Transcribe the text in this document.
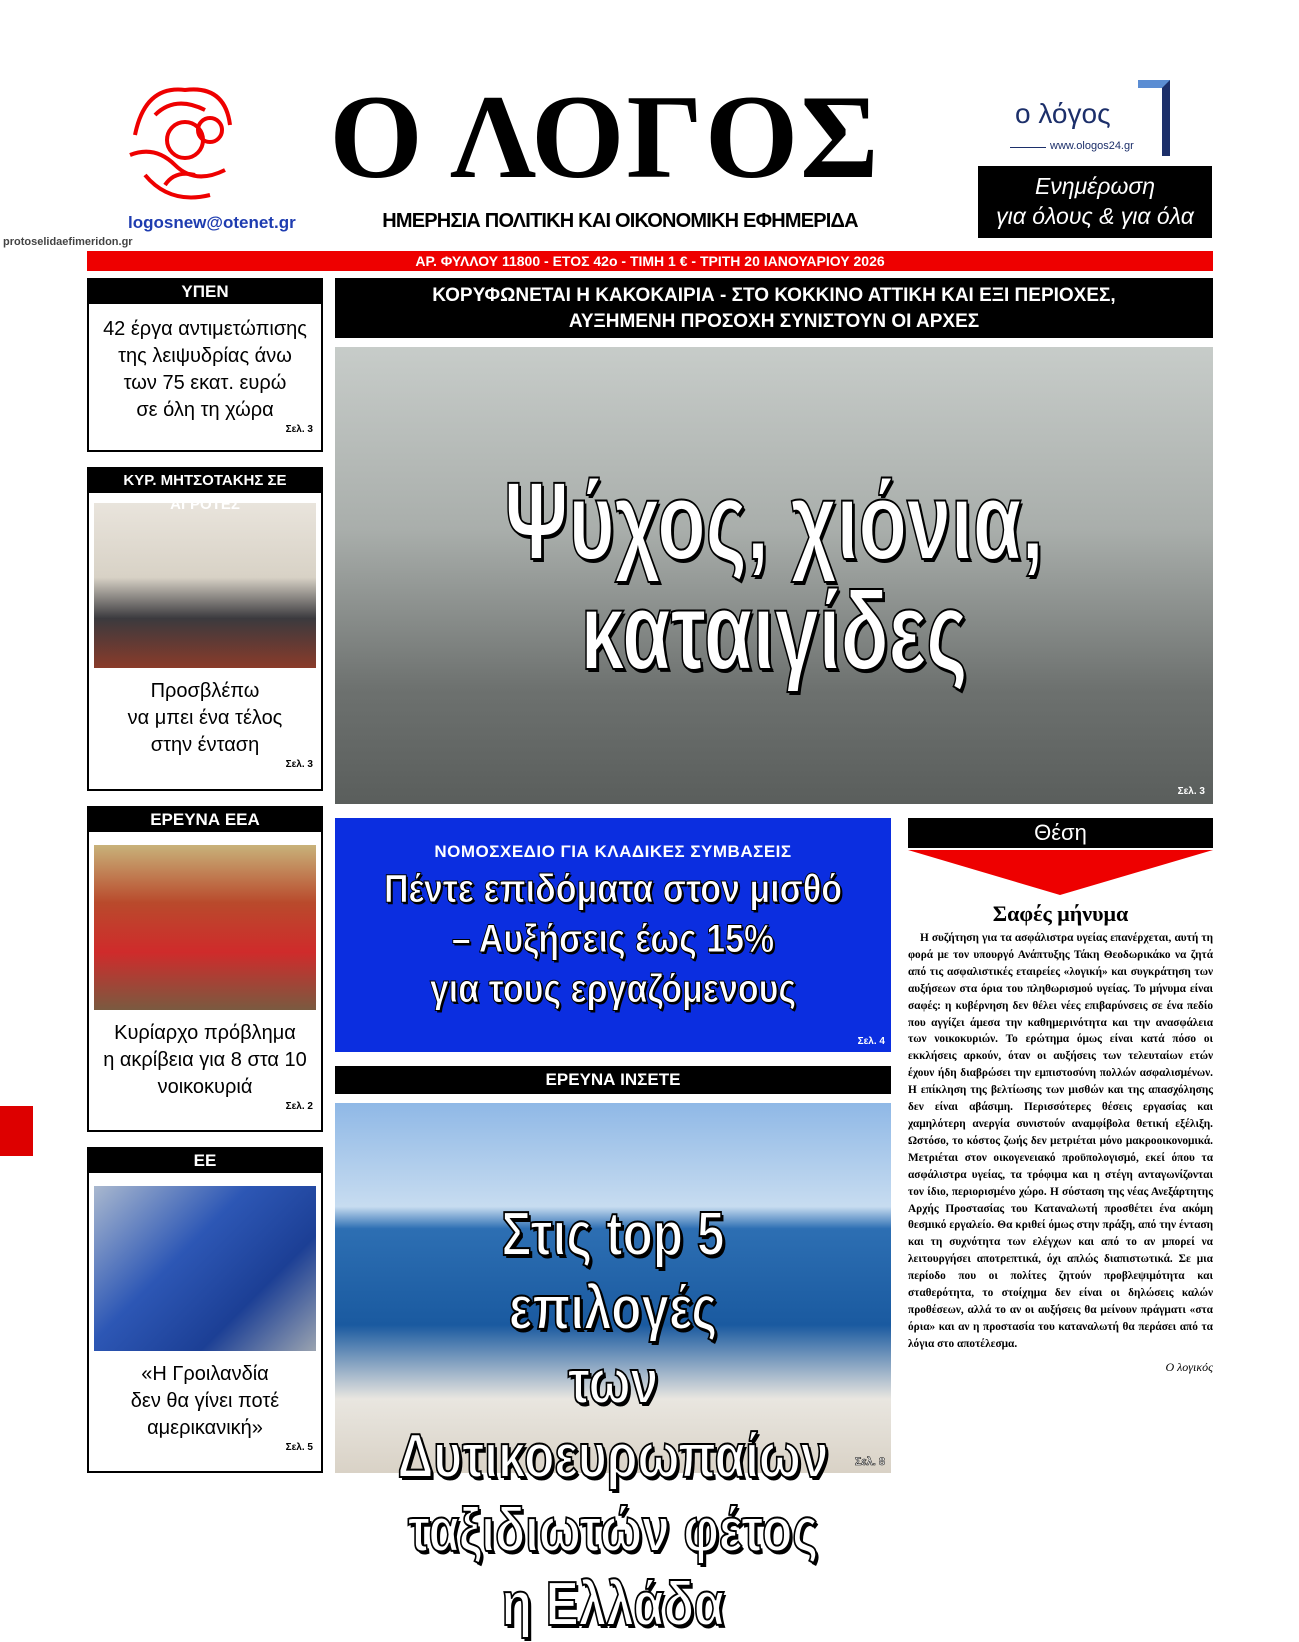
logosnew@otenet.gr
protoselidaefimeridon.gr
Ο ΛΟΓΟΣ
ΗΜΕΡΗΣΙΑ ΠΟΛΙΤΙΚΗ ΚΑΙ ΟΙΚΟΝΟΜΙΚΗ ΕΦΗΜΕΡΙΔΑ
ο λόγος
www.ologos24.gr
Ενημέρωση
για όλους & για όλα
ΑΡ. ΦΥΛΛΟΥ 11800 - ΕΤΟΣ 42ο - ΤΙΜΗ 1 € - ΤΡΙΤΗ 20 ΙΑΝΟΥΑΡΙΟΥ 2026
ΥΠΕΝ
42 έργα αντιμετώπισης
της λειψυδρίας άνω
των 75 εκατ. ευρώ
σε όλη τη χώρα
Σελ. 3
ΚΥΡ. ΜΗΤΣΟΤΑΚΗΣ ΣΕ ΑΓΡΟΤΕΣ
Προσβλέπω
να μπει ένα τέλος
στην ένταση
Σελ. 3
ΕΡΕΥΝΑ ΕΕΑ
Κυρίαρχο πρόβλημα
η ακρίβεια για 8 στα 10
νοικοκυριά
Σελ. 2
ΕΕ
«Η Γροιλανδία
δεν θα γίνει ποτέ
αμερικανική»
Σελ. 5
ΚΟΡΥΦΩΝΕΤΑΙ Η ΚΑΚΟΚΑΙΡΙΑ - ΣΤΟ ΚΟΚΚΙΝΟ ΑΤΤΙΚΗ ΚΑΙ ΕΞΙ ΠΕΡΙΟΧΕΣ,
ΑΥΞΗΜΕΝΗ ΠΡΟΣΟΧΗ ΣΥΝΙΣΤΟΥΝ ΟΙ ΑΡΧΕΣ
Ψύχος, χιόνια,
καταιγίδες
Σελ. 3
ΝΟΜΟΣΧΕΔΙΟ ΓΙΑ ΚΛΑΔΙΚΕΣ ΣΥΜΒΑΣΕΙΣ
Πέντε επιδόματα στον μισθό
– Αυξήσεις έως 15%
για τους εργαζόμενους
Σελ. 4
ΕΡΕΥΝΑ ΙΝΣΕΤΕ
Στις top 5 επιλογές
των Δυτικοευρωπαίων
ταξιδιωτών φέτος η Ελλάδα
Σελ. 8
Θέση
Σαφές μήνυμα
Η συζήτηση για τα ασφάλιστρα υγείας επανέρχεται, αυτή τη φορά με τον υπουργό Ανάπτυξης Τάκη Θεοδωρικάκο να ζητά από τις ασφαλιστικές εταιρείες «λογική» και συγκράτηση των αυξήσεων στα όρια του πληθωρισμού υγείας. Το μήνυμα είναι σαφές: η κυβέρνηση δεν θέλει νέες επιβαρύνσεις σε ένα πεδίο που αγγίζει άμεσα την καθημερινότητα και την ανασφάλεια των νοικοκυριών. Το ερώτημα όμως είναι κατά πόσο οι εκκλήσεις αρκούν, όταν οι αυξήσεις των τελευταίων ετών έχουν ήδη διαβρώσει την εμπιστοσύνη πολλών ασφαλισμένων. Η επίκληση της βελτίωσης των μισθών και της απασχόλησης δεν είναι αβάσιμη. Περισσότερες θέσεις εργασίας και χαμηλότερη ανεργία συνιστούν αναμφίβολα θετική εξέλιξη. Ωστόσο, το κόστος ζωής δεν μετριέται μόνο μακροοικονομικά. Μετριέται στον οικογενειακό προϋπολογισμό, εκεί όπου τα ασφάλιστρα υγείας, τα τρόφιμα και η στέγη ανταγωνίζονται τον ίδιο, περιορισμένο χώρο. Η σύσταση της νέας Ανεξάρτητης Αρχής Προστασίας του Καταναλωτή προσθέτει ένα ακόμη θεσμικό εργαλείο. Θα κριθεί όμως στην πράξη, από την ένταση και τη συχνότητα των ελέγχων και από το αν μπορεί να λειτουργήσει αποτρεπτικά, όχι απλώς διαπιστωτικά. Σε μια περίοδο που οι πολίτες ζητούν προβλεψιμότητα και σταθερότητα, το στοίχημα δεν είναι οι δηλώσεις καλών προθέσεων, αλλά το αν οι αυξήσεις θα μείνουν πράγματι «στα όρια» και αν η προστασία του καταναλωτή θα περάσει από τα λόγια στο αποτέλεσμα.
Ο λογικός
